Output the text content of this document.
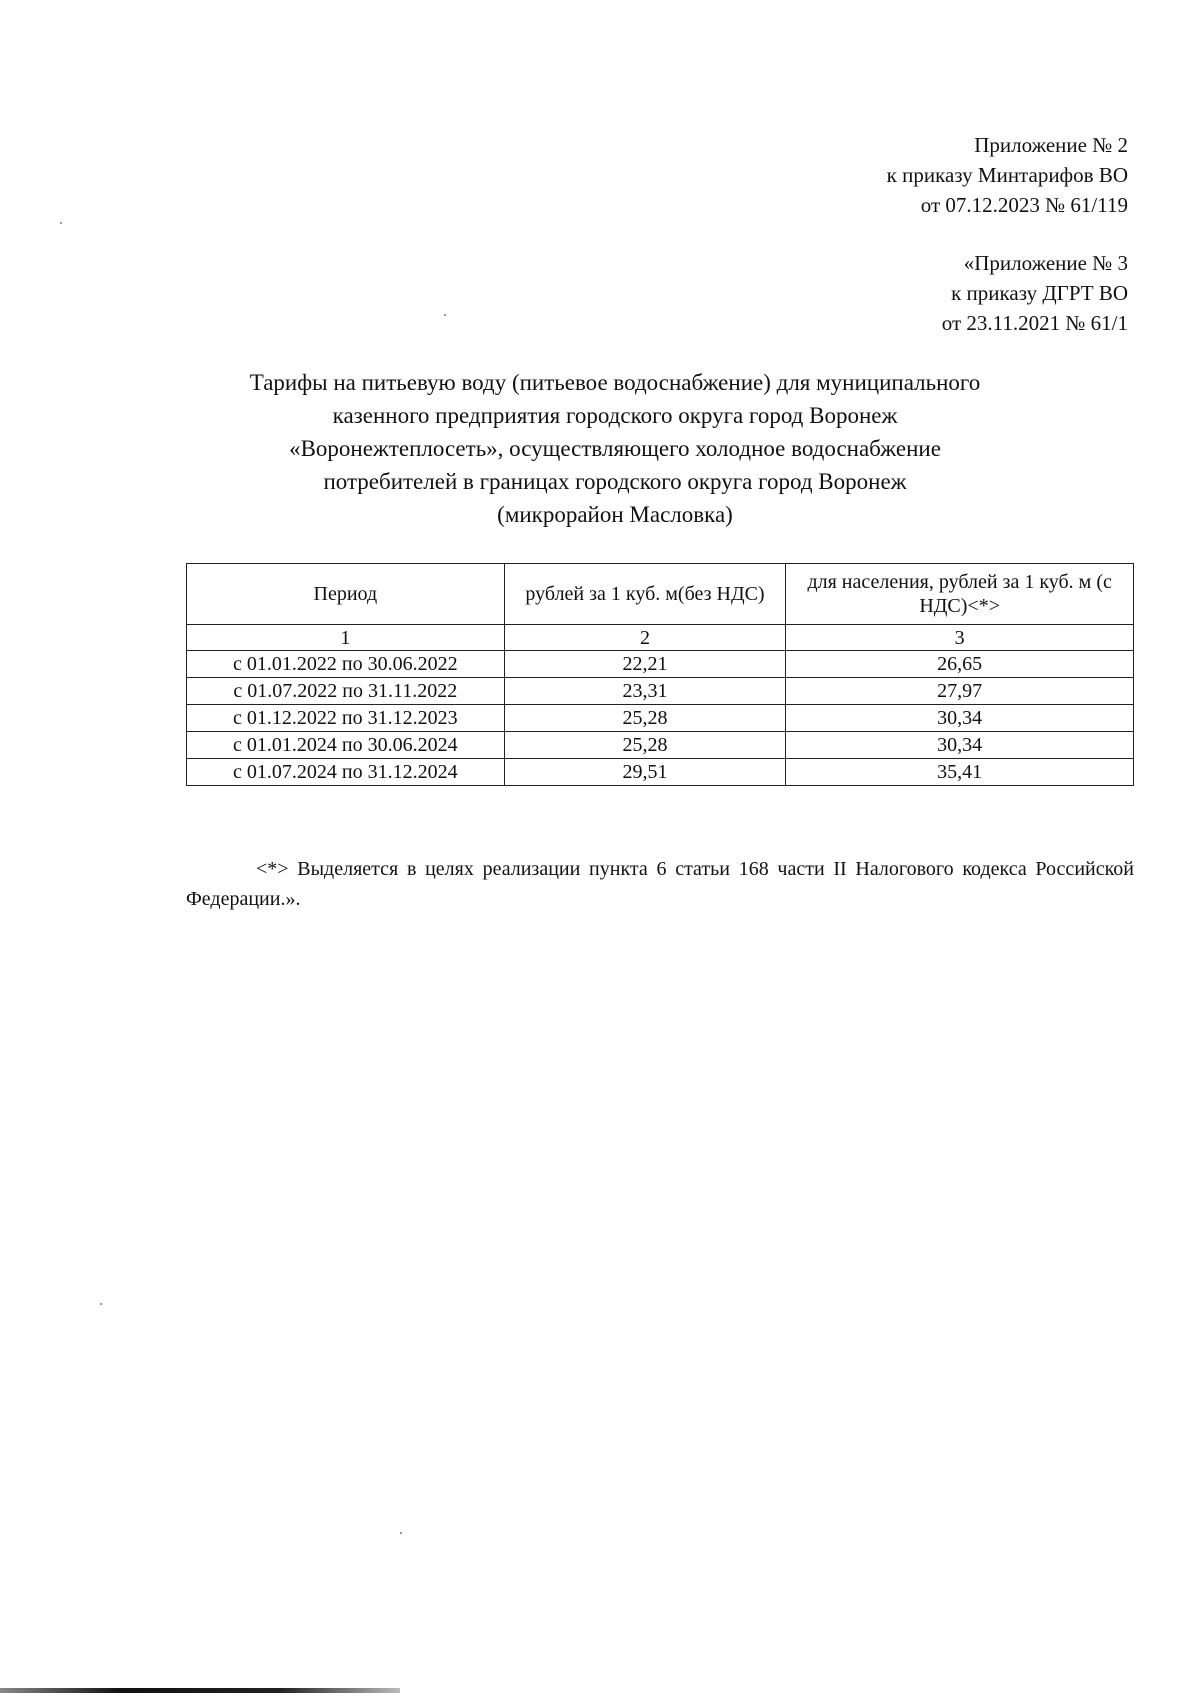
Приложение № 2
к приказу Минтарифов ВО
от 07.12.2023 № 61/119
«Приложение № 3
к приказу ДГРТ ВО
от 23.11.2021 № 61/1
Тарифы на питьевую воду (питьевое водоснабжение) для муниципального
казенного предприятия городского округа город Воронеж
«Воронежтеплосеть», осуществляющего холодное водоснабжение
потребителей в границах городского округа город Воронеж
(микрорайон Масловка)
Период	рублей за 1 куб. м(без НДС)	для населения, рублей за 1 куб. м (с НДС)<*>
1	2	3
с 01.01.2022 по 30.06.2022	22,21	26,65
с 01.07.2022 по 31.11.2022	23,31	27,97
с 01.12.2022 по 31.12.2023	25,28	30,34
с 01.01.2024 по 30.06.2024	25,28	30,34
с 01.07.2024 по 31.12.2024	29,51	35,41
<*> Выделяется в целях реализации пункта 6 статьи 168 части II Налогового кодекса Российской Федерации.».
